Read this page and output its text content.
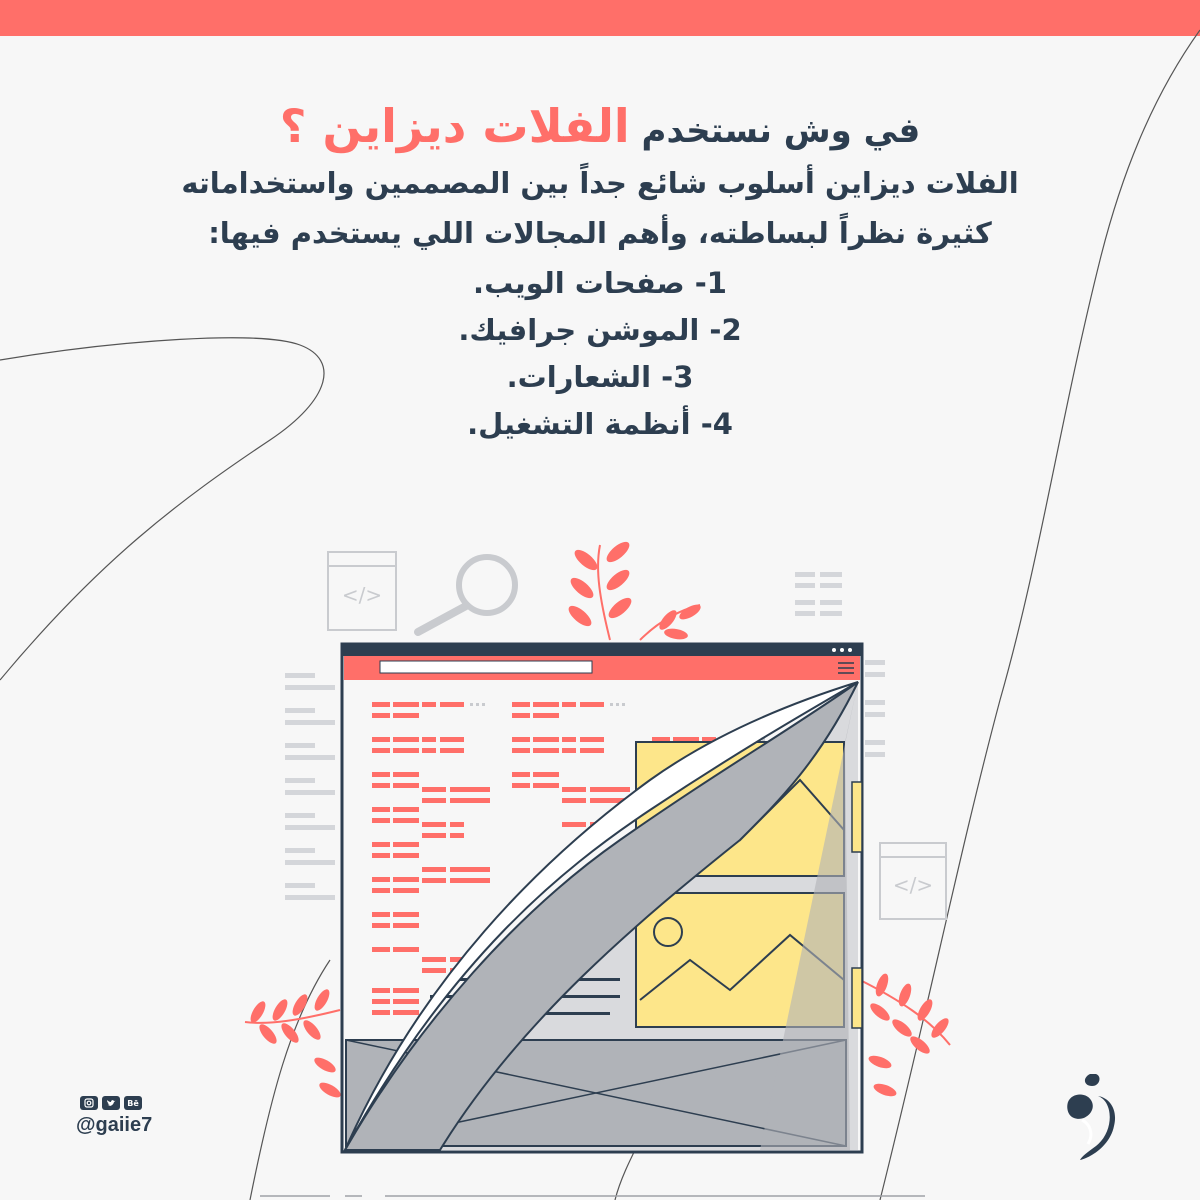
في وش نستخدم الفلات ديزاين ؟
الفلات ديزاين أسلوب شائع جداً بين المصممين واستخداماته
كثيرة نظراً لبساطته، وأهم المجالات اللي يستخدم فيها:
1- صفحات الويب.
2- الموشن جرافيك.
3- الشعارات.
4- أنظمة التشغيل.
</>
</>
Bē
@gaiie7
